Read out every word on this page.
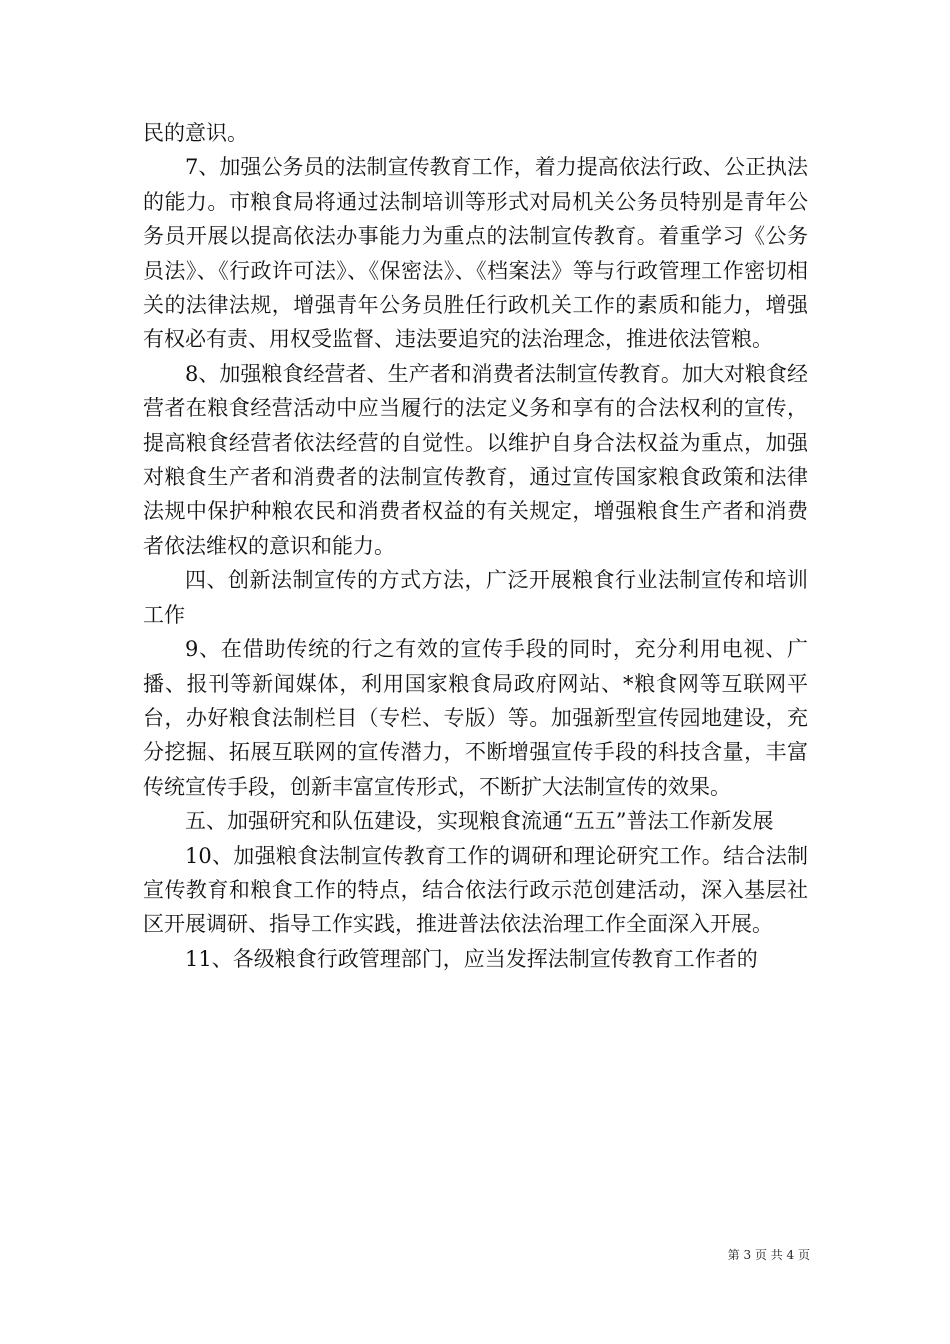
民的意识。

7、加强公务员的法制宣传教育工作，着力提高依法行政、公正执法的能力。市粮食局将通过法制培训等形式对局机关公务员特别是青年公务员开展以提高依法办事能力为重点的法制宣传教育。着重学习《公务员法》、《行政许可法》、《保密法》、《档案法》等与行政管理工作密切相关的法律法规，增强青年公务员胜任行政机关工作的素质和能力，增强有权必有责、用权受监督、违法要追究的法治理念，推进依法管粮。

8、加强粮食经营者、生产者和消费者法制宣传教育。加大对粮食经营者在粮食经营活动中应当履行的法定义务和享有的合法权利的宣传，提高粮食经营者依法经营的自觉性。以维护自身合法权益为重点，加强对粮食生产者和消费者的法制宣传教育，通过宣传国家粮食政策和法律法规中保护种粮农民和消费者权益的有关规定，增强粮食生产者和消费者依法维权的意识和能力。

四、创新法制宣传的方式方法，广泛开展粮食行业法制宣传和培训工作

9、在借助传统的行之有效的宣传手段的同时，充分利用电视、广播、报刊等新闻媒体，利用国家粮食局政府网站、*粮食网等互联网平台，办好粮食法制栏目（专栏、专版）等。加强新型宣传园地建设，充分挖掘、拓展互联网的宣传潜力，不断增强宣传手段的科技含量，丰富传统宣传手段，创新丰富宣传形式，不断扩大法制宣传的效果。

五、加强研究和队伍建设，实现粮食流通“五五”普法工作新发展

10、加强粮食法制宣传教育工作的调研和理论研究工作。结合法制宣传教育和粮食工作的特点，结合依法行政示范创建活动，深入基层社区开展调研、指导工作实践，推进普法依法治理工作全面深入开展。

11、各级粮食行政管理部门，应当发挥法制宣传教育工作者的

第 3 页 共 4 页
